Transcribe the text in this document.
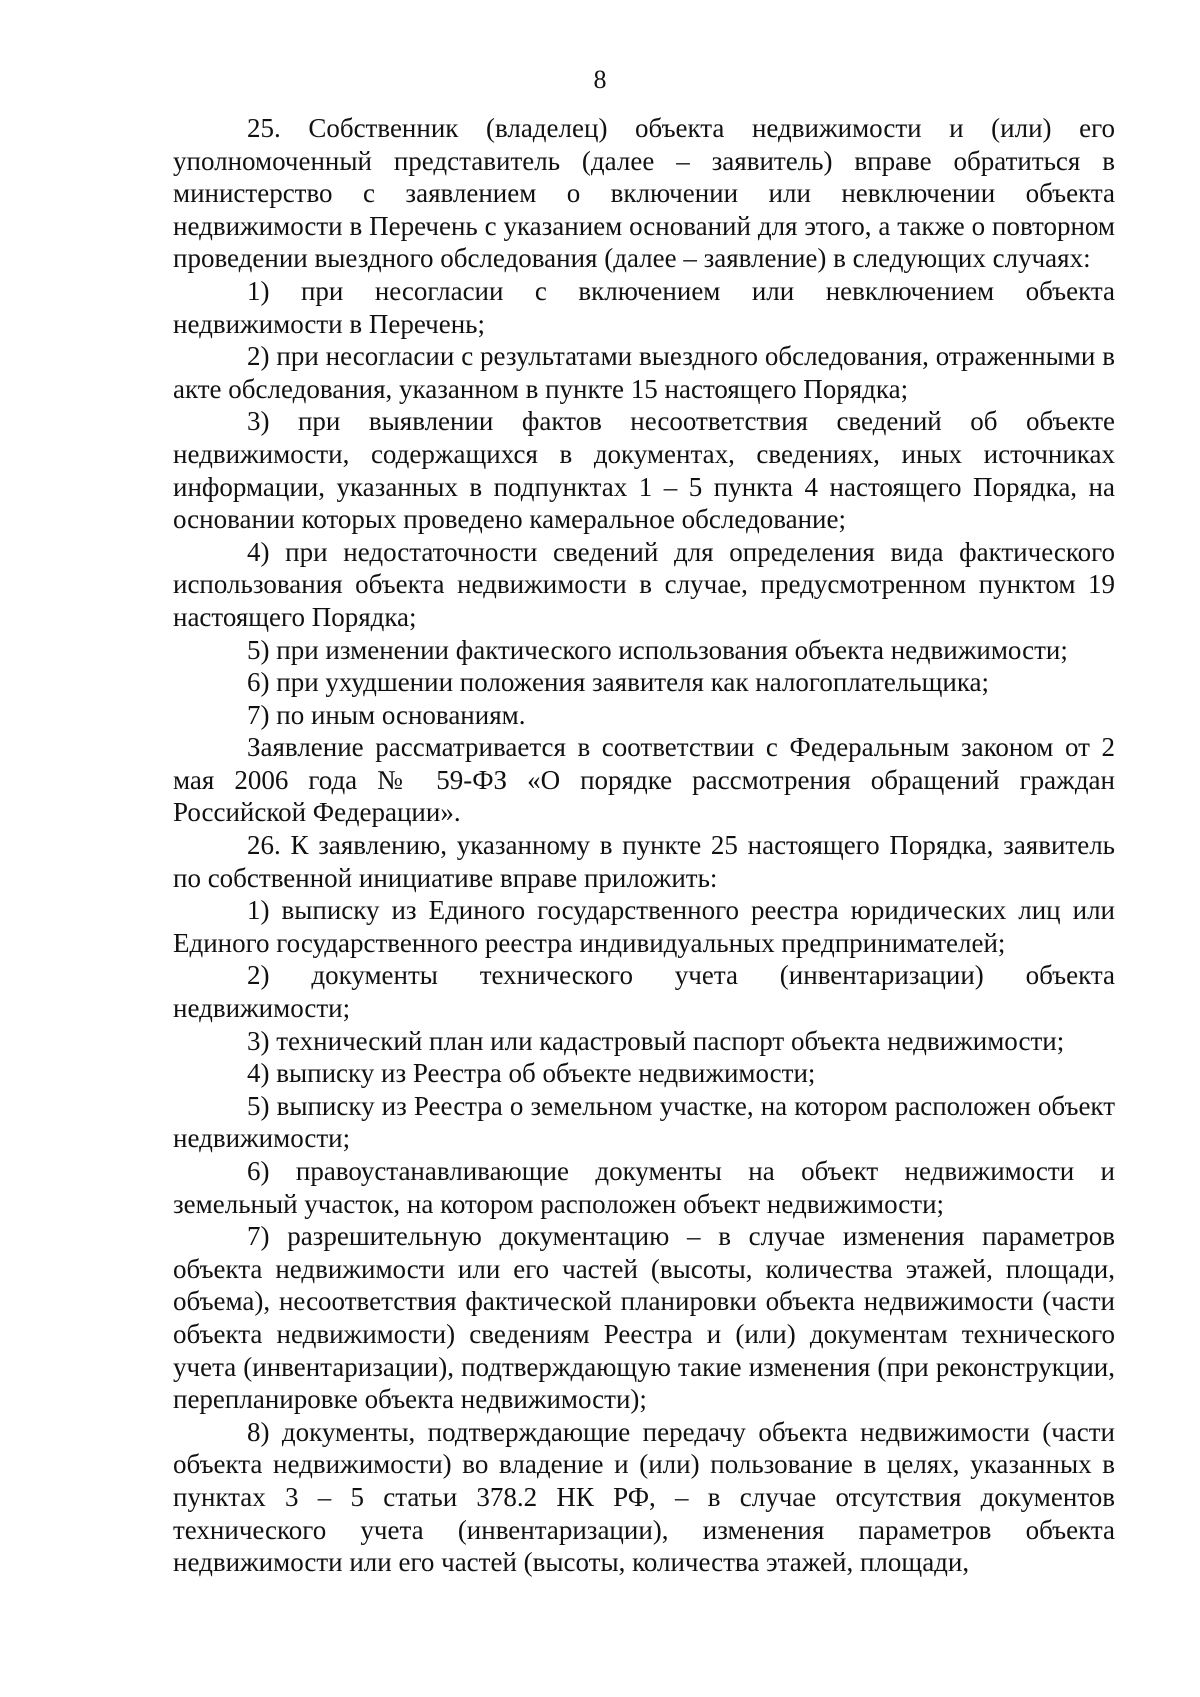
8

25. Собственник (владелец) объекта недвижимости и (или) его уполномоченный представитель (далее – заявитель) вправе обратиться в министерство с заявлением о включении или невключении объекта недвижимости в Перечень с указанием оснований для этого, а также о повторном проведении выездного обследования (далее – заявление) в следующих случаях:

1) при несогласии с включением или невключением объекта недвижимости в Перечень;

2) при несогласии с результатами выездного обследования, отраженными в акте обследования, указанном в пункте 15 настоящего Порядка;

3) при выявлении фактов несоответствия сведений об объекте недвижимости, содержащихся в документах, сведениях, иных источниках информации, указанных в подпунктах 1 – 5 пункта 4 настоящего Порядка, на основании которых проведено камеральное обследование;

4) при недостаточности сведений для определения вида фактического использования объекта недвижимости в случае, предусмотренном пунктом 19 настоящего Порядка;

5) при изменении фактического использования объекта недвижимости;

6) при ухудшении положения заявителя как налогоплательщика;

7) по иным основаниям.

Заявление рассматривается в соответствии с Федеральным законом от 2 мая 2006 года № 59-ФЗ «О порядке рассмотрения обращений граждан Российской Федерации».

26. К заявлению, указанному в пункте 25 настоящего Порядка, заявитель по собственной инициативе вправе приложить:

1) выписку из Единого государственного реестра юридических лиц или Единого государственного реестра индивидуальных предпринимателей;

2) документы технического учета (инвентаризации) объекта недвижимости;

3) технический план или кадастровый паспорт объекта недвижимости;

4) выписку из Реестра об объекте недвижимости;

5) выписку из Реестра о земельном участке, на котором расположен объект недвижимости;

6) правоустанавливающие документы на объект недвижимости и земельный участок, на котором расположен объект недвижимости;

7) разрешительную документацию – в случае изменения параметров объекта недвижимости или его частей (высоты, количества этажей, площади, объема), несоответствия фактической планировки объекта недвижимости (части объекта недвижимости) сведениям Реестра и (или) документам технического учета (инвентаризации), подтверждающую такие изменения (при реконструкции, перепланировке объекта недвижимости);

8) документы, подтверждающие передачу объекта недвижимости (части объекта недвижимости) во владение и (или) пользование в целях, указанных в пунктах 3 – 5 статьи 378.2 НК РФ, – в случае отсутствия документов технического учета (инвентаризации), изменения параметров объекта недвижимости или его частей (высоты, количества этажей, площади,
